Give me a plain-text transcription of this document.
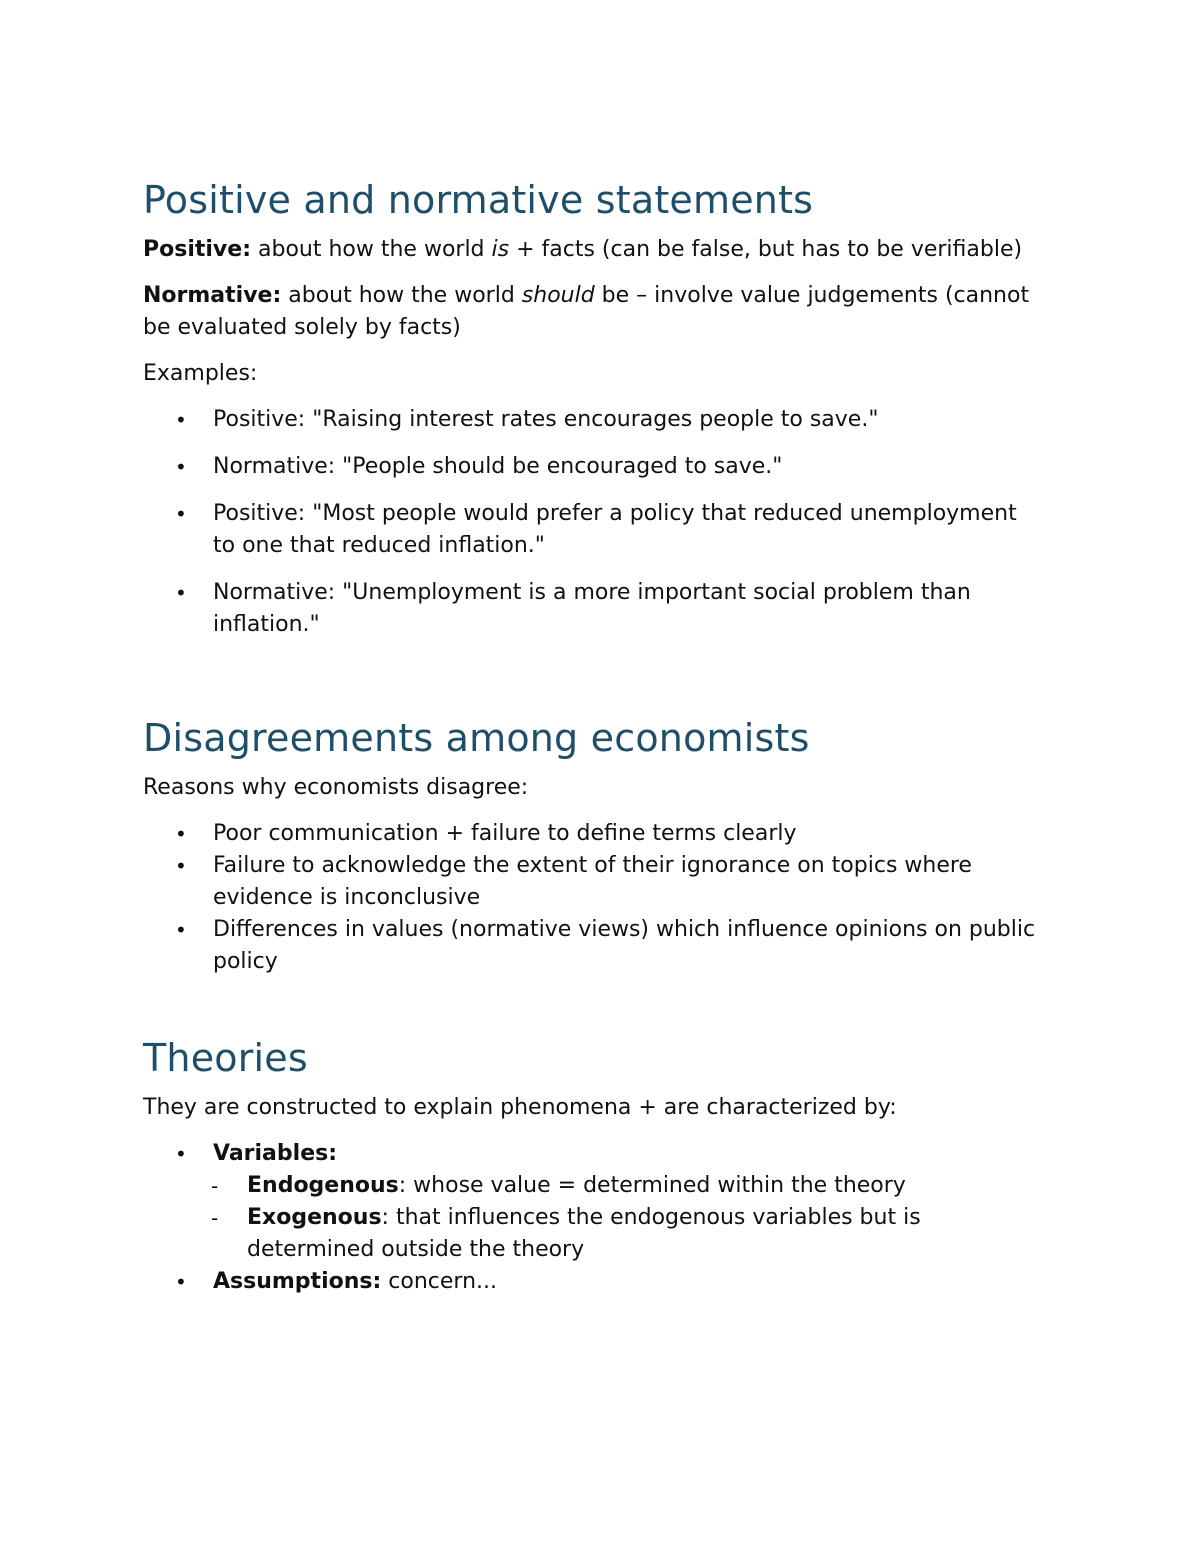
Positive and normative statements

Positive: about how the world is + facts (can be false, but has to be verifiable)

Normative: about how the world should be – involve value judgements (cannot be evaluated solely by facts)

Examples:

•	Positive: "Raising interest rates encourages people to save."
•	Normative: "People should be encouraged to save."
•	Positive: "Most people would prefer a policy that reduced unemployment to one that reduced inflation."
•	Normative: "Unemployment is a more important social problem than inflation."
Disagreements among economists

Reasons why economists disagree:

•	Poor communication + failure to define terms clearly
•	Failure to acknowledge the extent of their ignorance on topics where evidence is inconclusive
•	Differences in values (normative views) which influence opinions on public policy
Theories

They are constructed to explain phenomena + are characterized by:

•	Variables:
-	Endogenous: whose value = determined within the theory
-	Exogenous: that influences the endogenous variables but is determined outside the theory
•	Assumptions: concern...
